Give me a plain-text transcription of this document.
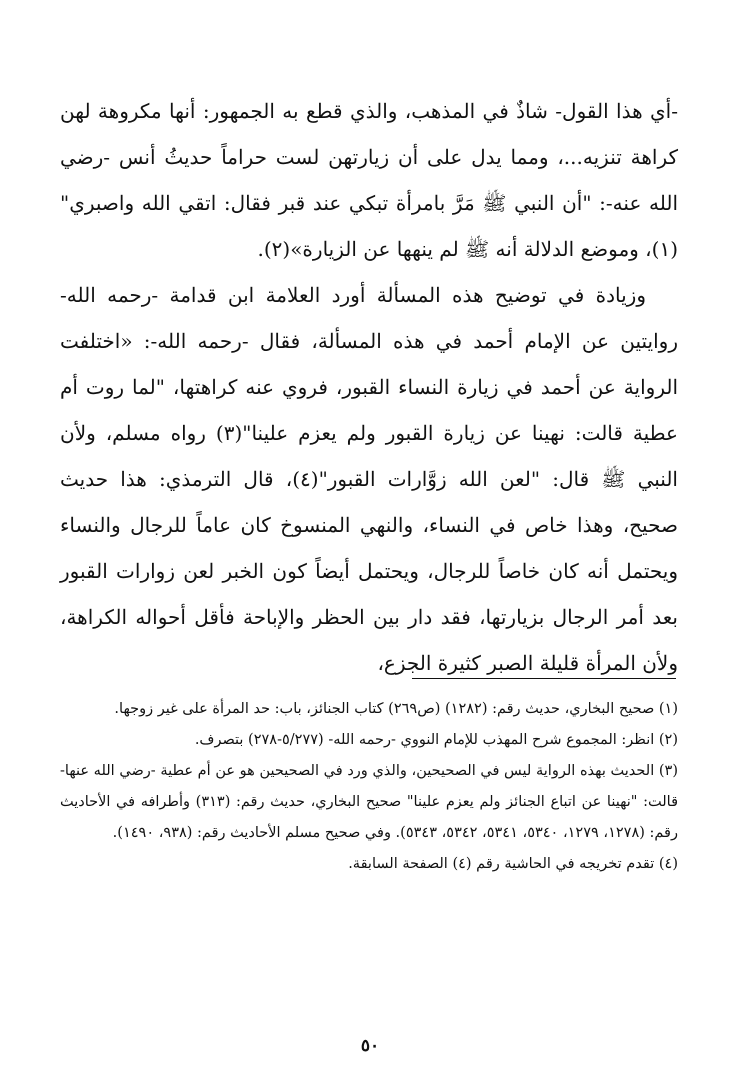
-أي هذا القول- شاذٌ في المذهب، والذي قطع به الجمهور: أنها مكروهة لهن كراهة تنزيه...، ومما يدل على أن زيارتهن لست حراماً حديثُ أنس -رضي الله عنه-: "أن النبي ﷺ مَرَّ بامرأة تبكي عند قبر فقال: اتقي الله واصبري"(١)، وموضع الدلالة أنه ﷺ لم ينهها عن الزيارة»(٢).

وزيادة في توضيح هذه المسألة أورد العلامة ابن قدامة -رحمه الله- روايتين عن الإمام أحمد في هذه المسألة، فقال -رحمه الله-: «اختلفت الرواية عن أحمد في زيارة النساء القبور، فروي عنه كراهتها، "لما روت أم عطية قالت: نهينا عن زيارة القبور ولم يعزم علينا"(٣) رواه مسلم، ولأن النبي ﷺ قال: "لعن الله زوَّارات القبور"(٤)، قال الترمذي: هذا حديث صحيح، وهذا خاص في النساء، والنهي المنسوخ كان عاماً للرجال والنساء ويحتمل أنه كان خاصاً للرجال، ويحتمل أيضاً كون الخبر لعن زوارات القبور بعد أمر الرجال بزيارتها، فقد دار بين الحظر والإباحة فأقل أحواله الكراهة، ولأن المرأة قليلة الصبر كثيرة الجزع،

(١) صحيح البخاري، حديث رقم: (١٢٨٢) (ص٢٦٩) كتاب الجنائز، باب: حد المرأة على غير زوجها.

(٢) انظر: المجموع شرح المهذب للإمام النووي -رحمه الله- (٥/٢٧٧-٢٧٨) بتصرف.

(٣) الحديث بهذه الرواية ليس في الصحيحين، والذي ورد في الصحيحين هو عن أم عطية -رضي الله عنها- قالت: "نهينا عن اتباع الجنائز ولم يعزم علينا" صحيح البخاري، حديث رقم: (٣١٣) وأطرافه في الأحاديث رقم: (١٢٧٨، ١٢٧٩، ٥٣٤٠، ٥٣٤١، ٥٣٤٢، ٥٣٤٣). وفي صحيح مسلم الأحاديث رقم: (٩٣٨، ١٤٩٠).

(٤) تقدم تخريجه في الحاشية رقم (٤) الصفحة السابقة.

٥٠
